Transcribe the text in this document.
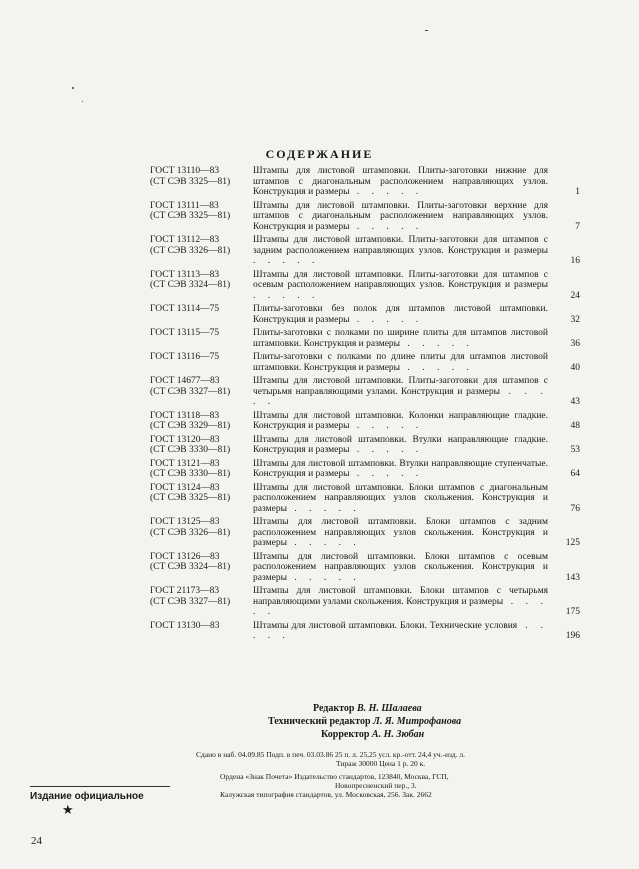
СОДЕРЖАНИЕ
ГОСТ 13110—83
(СТ СЭВ 3325—81)
Штампы для листовой штамповки. Плиты-заготовки нижние для штампов с диагональным расположением направляющих узлов. Конструкция и размеры . . . . .	1
ГОСТ 13111—83
(СТ СЭВ 3325—81)
Штампы для листовой штамповки. Плиты-заготовки верхние для штампов с диагональным расположением направляющих узлов. Конструкция и размеры . . . . .	7
ГОСТ 13112—83
(СТ СЭВ 3326—81)
Штампы для листовой штамповки. Плиты-заготовки для штампов с задним расположением направляющих узлов. Конструкция и размеры . . . . .	16
ГОСТ 13113—83
(СТ СЭВ 3324—81)
Штампы для листовой штамповки. Плиты-заготовки для штампов с осевым расположением направляющих узлов. Конструкция и размеры . . . . .	24
ГОСТ 13114—75	Плиты-заготовки без полок для штампов листовой штамповки. Конструкция и размеры . . . . .	32
ГОСТ 13115—75	Плиты-заготовки с полками по ширине плиты для штампов листовой штамповки. Конструкция и размеры . . . . .	36
ГОСТ 13116—75	Плиты-заготовки с полками по длине плиты для штампов листовой штамповки. Конструкция и размеры . . . . .	40
ГОСТ 14677—83
(СТ СЭВ 3327—81)
Штампы для листовой штамповки. Плиты-заготовки для штампов с четырьмя направляющими узлами. Конструкция и размеры . . . . .	43
ГОСТ 13118—83
(СТ СЭВ 3329—81)
Штампы для листовой штамповки. Колонки направляющие гладкие. Конструкция и размеры . . . . .	48
ГОСТ 13120—83
(СТ СЭВ 3330—81)
Штампы для листовой штамповки. Втулки направляющие гладкие. Конструкция и размеры . . . . .	53
ГОСТ 13121—83
(СТ СЭВ 3330—81)
Штампы для листовой штамповки. Втулки направляющие ступенчатые. Конструкция и размеры . . . . .	64
ГОСТ 13124—83
(СТ СЭВ 3325—81)
Штампы для листовой штамповки. Блоки штампов с диагональным расположением направляющих узлов скольжения. Конструкция и размеры . . . . .	76
ГОСТ 13125—83
(СТ СЭВ 3326—81)
Штампы для листовой штамповки. Блоки штампов с задним расположением направляющих узлов скольжения. Конструкция и размеры . . . . .	125
ГОСТ 13126—83
(СТ СЭВ 3324—81)
Штампы для листовой штамповки. Блоки штампов с осевым расположением направляющих узлов скольжения. Конструкция и размеры . . . . .	143
ГОСТ 21173—83
(СТ СЭВ 3327—81)
Штампы для листовой штамповки. Блоки штампов с четырьмя направляющими узлами скольжения. Конструкция и размеры . . . . .	175
ГОСТ 13130—83	Штампы для листовой штамповки. Блоки. Технические условия . . . . .	196
Редактор В. Н. Шалаева
Технический редактор Л. Я. Митрофанова
Корректор А. Н. Зюбан
Сдано в наб. 04.09.85 Подп. в печ. 03.03.86 25 п. л. 25,25 усл. кр.-отт. 24,4 уч.-изд. л.
Тираж 30000 Цена 1 р. 20 к.
Ордена «Знак Почета» Издательство стандартов, 123840, Москва, ГСП,
Новопресненский пер., 3.
Калужская типография стандартов, ул. Московская, 256. Зак. 2662
Издание официальное
★
24
